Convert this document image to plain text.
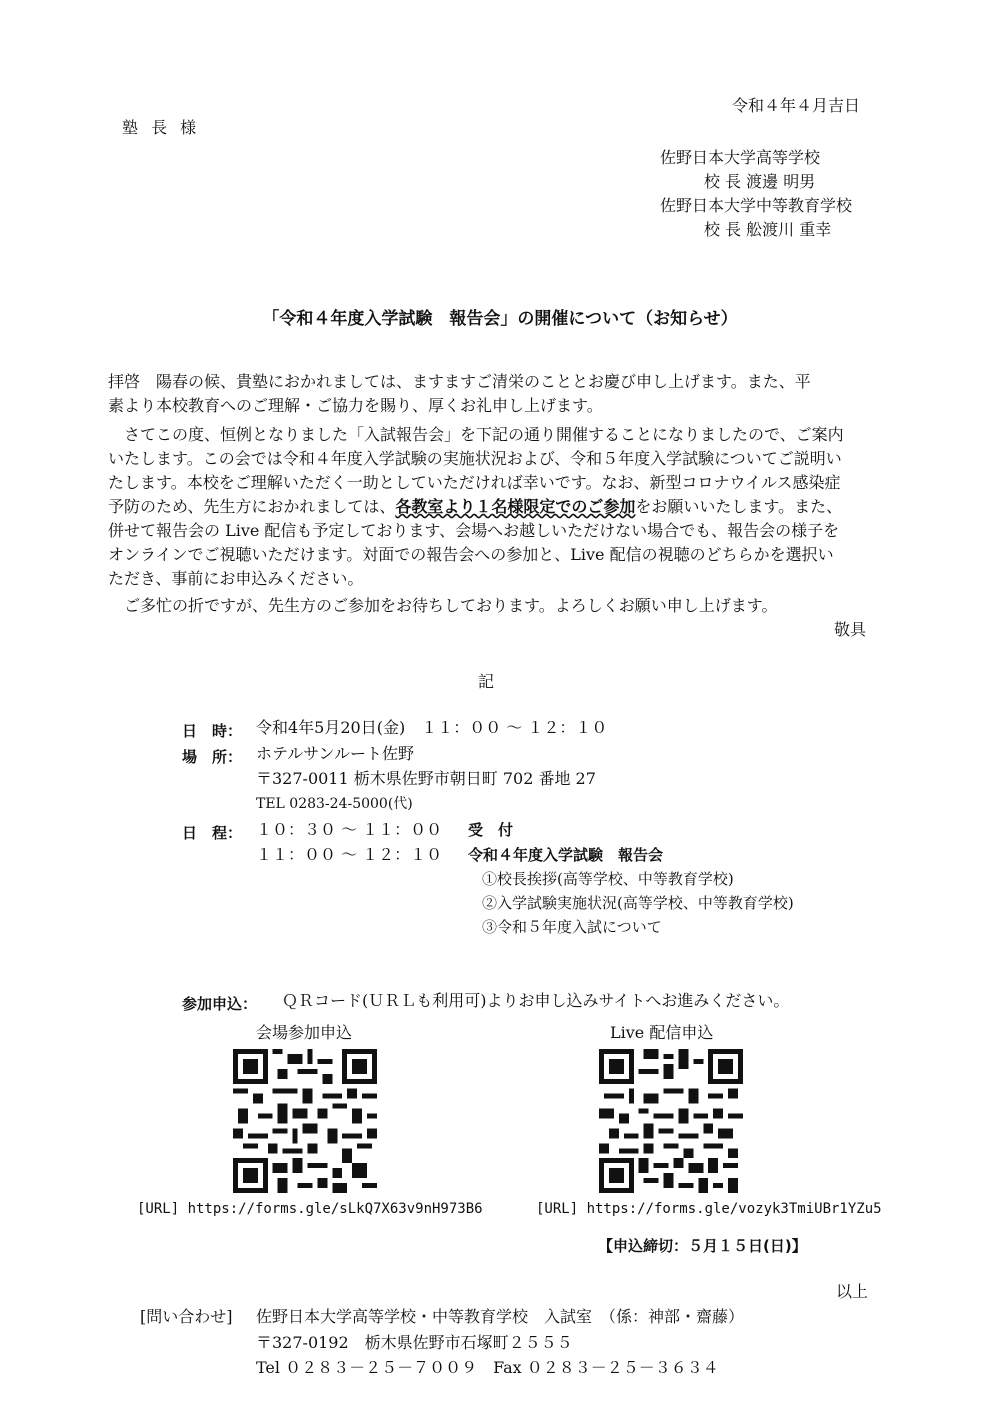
令和４年４月吉日
塾 長 様
佐野日本大学高等学校
校 長 渡邊 明男
佐野日本大学中等教育学校
校 長 舩渡川 重幸
「令和４年度入学試験　報告会」の開催について（お知らせ）
拝啓　陽春の候、貴塾におかれましては、ますますご清栄のこととお慶び申し上げます。また、平
素より本校教育へのご理解・ご協力を賜り、厚くお礼申し上げます。
　さてこの度、恒例となりました「入試報告会」を下記の通り開催することになりましたので、ご案内
いたします。この会では令和４年度入学試験の実施状況および、令和５年度入学試験についてご説明い
たします。本校をご理解いただく一助としていただければ幸いです。なお、新型コロナウイルス感染症
予防のため、先生方におかれましては、各教室より１名様限定でのご参加をお願いいたします。また、
併せて報告会の Live 配信も予定しております、会場へお越しいただけない場合でも、報告会の様子を
オンラインでご視聴いただけます。対面での報告会への参加と、Live 配信の視聴のどちらかを選択い
ただき、事前にお申込みください。
　ご多忙の折ですが、先生方のご参加をお待ちしております。よろしくお願い申し上げます。
敬具
記
日　時： 令和4年5月20日(金)　１１：００ ～ １２：１０
場　所： ホテルサンルート佐野
〒327-0011 栃木県佐野市朝日町 702 番地 27
TEL 0283-24-5000(代)
日　程： １０：３０ ～ １１：００ 受　付
１１：００ ～ １２：１０ 令和４年度入学試験　報告会
①校長挨拶(高等学校、中等教育学校)
②入学試験実施状況(高等学校、中等教育学校)
③令和５年度入試について
参加申込： ＱＲコード(ＵＲＬも利用可)よりお申し込みサイトへお進みください。
会場参加申込	Live 配信申込
[URL] https://forms.gle/sLkQ7X63v9nH973B6	[URL] https://forms.gle/vozyk3TmiUBr1YZu5
【申込締切：５月１５日(日)】
以上
[問い合わせ] 佐野日本大学高等学校・中等教育学校　入試室　（係：神部・齋藤）
〒327-0192　栃木県佐野市石塚町２５５５
Tel ０２８３－２５－７００９　Fax ０２８３－２５－３６３４
